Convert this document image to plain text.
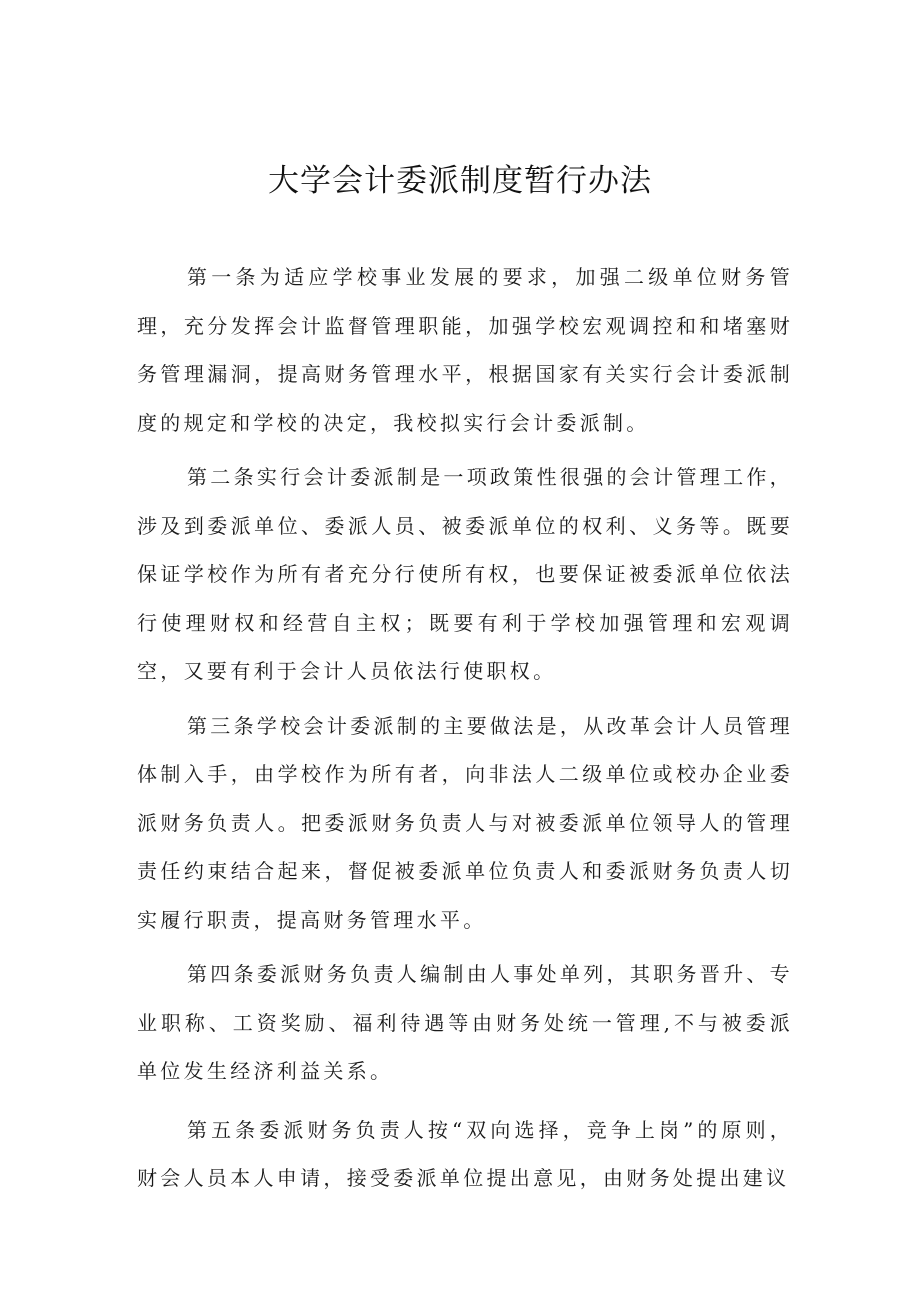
大学会计委派制度暂行办法

第一条为适应学校事业发展的要求，加强二级单位财务管理，充分发挥会计监督管理职能，加强学校宏观调控和和堵塞财务管理漏洞，提高财务管理水平，根据国家有关实行会计委派制度的规定和学校的决定，我校拟实行会计委派制。

第二条实行会计委派制是一项政策性很强的会计管理工作，涉及到委派单位、委派人员、被委派单位的权利、义务等。既要保证学校作为所有者充分行使所有权，也要保证被委派单位依法行使理财权和经营自主权；既要有利于学校加强管理和宏观调空，又要有利于会计人员依法行使职权。

第三条学校会计委派制的主要做法是，从改革会计人员管理体制入手，由学校作为所有者，向非法人二级单位或校办企业委派财务负责人。把委派财务负责人与对被委派单位领导人的管理责任约束结合起来，督促被委派单位负责人和委派财务负责人切实履行职责，提高财务管理水平。

第四条委派财务负责人编制由人事处单列，其职务晋升、专业职称、工资奖励、福利待遇等由财务处统一管理,不与被委派单位发生经济利益关系。

第五条委派财务负责人按“双向选择，竞争上岗”的原则，财会人员本人申请，接受委派单位提出意见，由财务处提出建议
